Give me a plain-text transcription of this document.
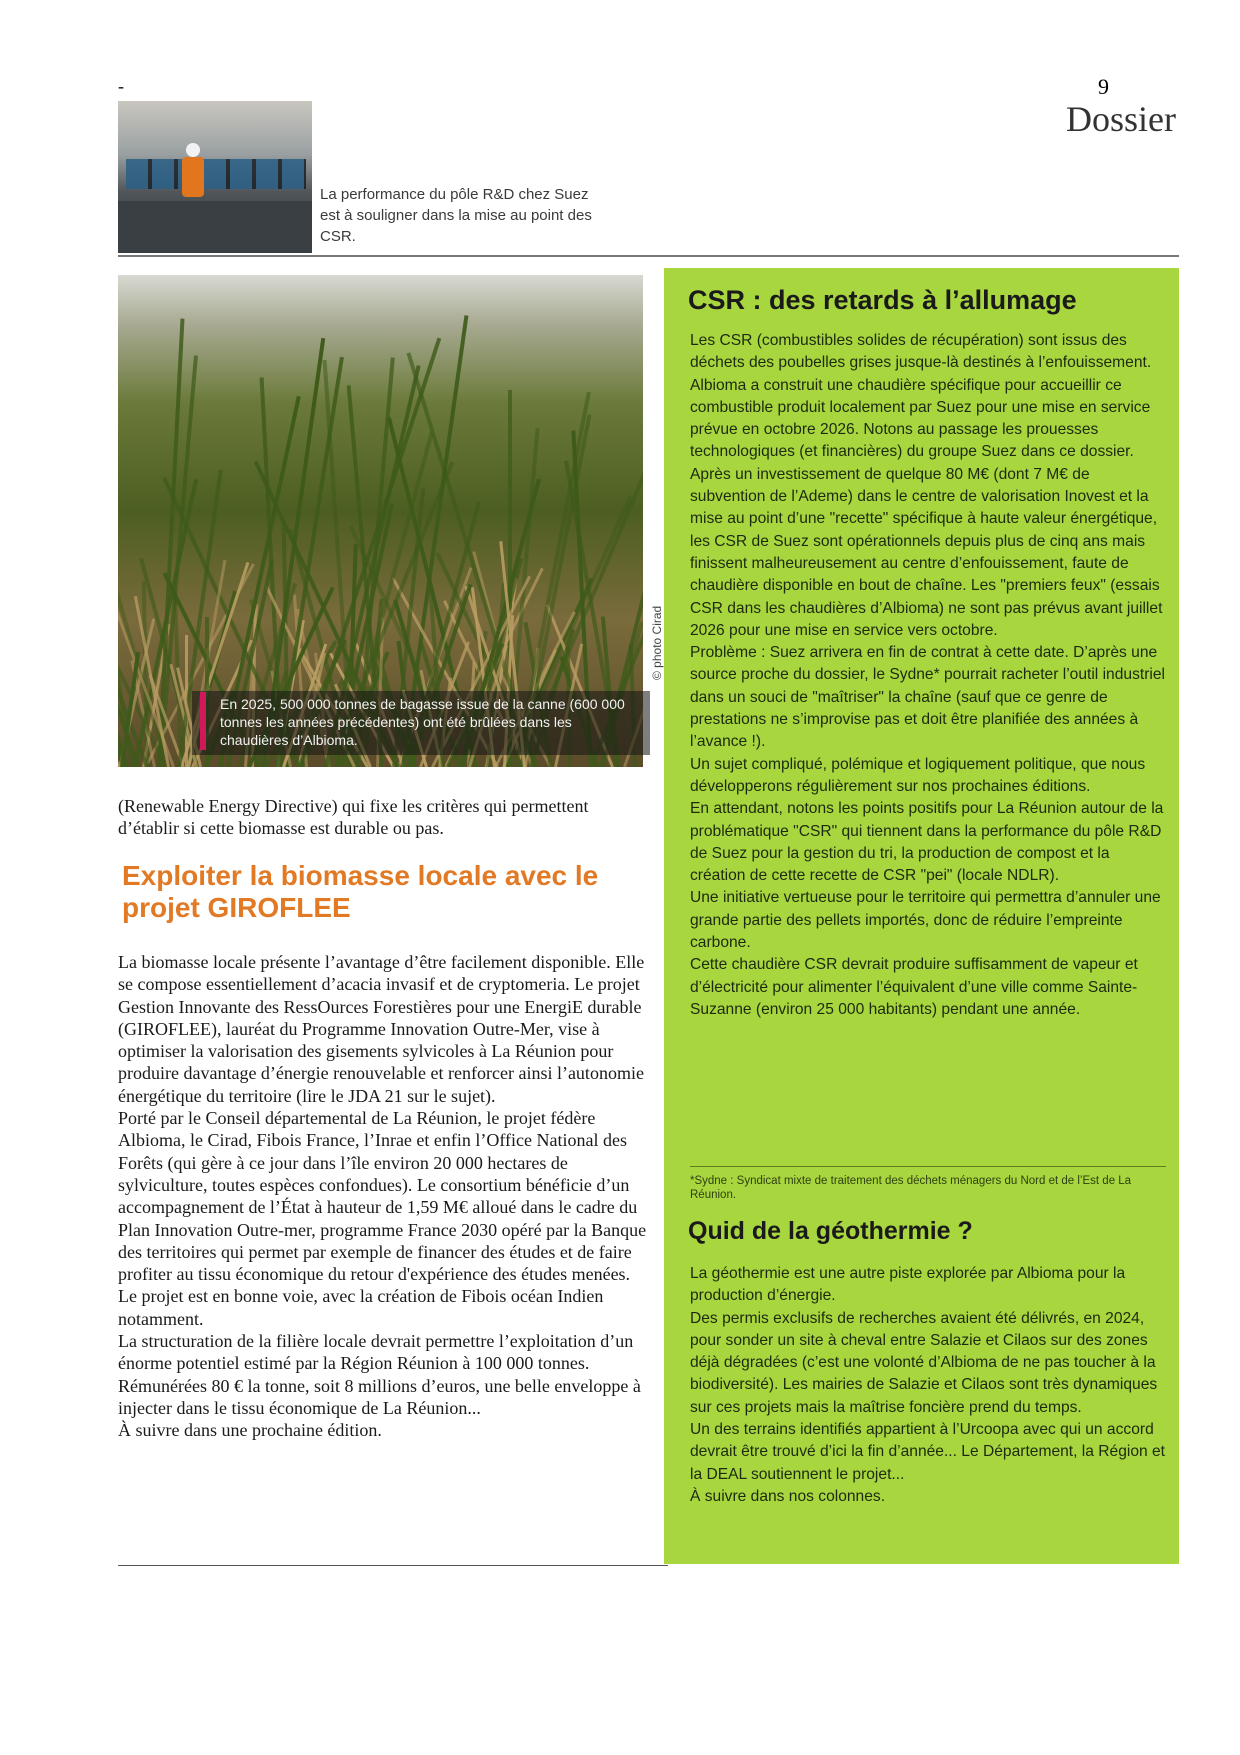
-	9
Dossier
La performance du pôle R&D chez Suez est à souligner dans la mise au point des CSR.
En 2025, 500 000 tonnes de bagasse issue de la canne (600 000 tonnes les années précédentes) ont été brûlées dans les chaudières d’Albioma.
© photo Cirad
(Renewable Energy Directive) qui fixe les critères qui permettent d’établir si cette biomasse est durable ou pas.
Exploiter la biomasse locale avec le projet GIROFLEE

La biomasse locale présente l’avantage d’être facilement disponible. Elle se compose essentiellement d’acacia invasif et de cryptomeria. Le projet Gestion Innovante des RessOurces Forestières pour une EnergiE durable (GIROFLEE), lauréat du Programme Innovation Outre-Mer, vise à optimiser la valorisation des gisements sylvicoles à La Réunion pour produire davantage d’énergie renouvelable et renforcer ainsi l’autonomie énergétique du territoire (lire le JDA 21 sur le sujet).

Porté par le Conseil départemental de La Réunion, le projet fédère Albioma, le Cirad, Fibois France, l’Inrae et enfin l’Office National des Forêts (qui gère à ce jour dans l’île environ 20 000 hectares de sylviculture, toutes espèces confondues). Le consortium bénéficie d’un accompagnement de l’État à hauteur de 1,59 M€ alloué dans le cadre du Plan Innovation Outre-mer, programme France 2030 opéré par la Banque des territoires qui permet par exemple de financer des études et de faire profiter au tissu économique du retour d'expérience des études menées. Le projet est en bonne voie, avec la création de Fibois océan Indien notamment.

La structuration de la filière locale devrait permettre l’exploitation d’un énorme potentiel estimé par la Région Réunion à 100 000 tonnes. Rémunérées 80 € la tonne, soit 8 millions d’euros, une belle enveloppe à injecter dans le tissu économique de La Réunion...

À suivre dans une prochaine édition.

CSR : des retards à l’allumage

Les CSR (combustibles solides de récupération) sont issus des déchets des poubelles grises jusque-là destinés à l’enfouissement.

Albioma a construit une chaudière spécifique pour accueillir ce combustible produit localement par Suez pour une mise en service prévue en octobre 2026. Notons au passage les prouesses technologiques (et financières) du groupe Suez dans ce dossier. Après un investissement de quelque 80 M€ (dont 7 M€ de subvention de l’Ademe) dans le centre de valorisation Inovest et la mise au point d’une "recette" spécifique à haute valeur énergétique, les CSR de Suez sont opérationnels depuis plus de cinq ans mais finissent malheureusement au centre d’enfouissement, faute de chaudière disponible en bout de chaîne. Les "premiers feux" (essais CSR dans les chaudières d’Albioma) ne sont pas prévus avant juillet 2026 pour une mise en service vers octobre.

Problème : Suez arrivera en fin de contrat à cette date. D’après une source proche du dossier, le Sydne* pourrait racheter l’outil industriel dans un souci de "maîtriser" la chaîne (sauf que ce genre de prestations ne s’improvise pas et doit être planifiée des années à l’avance !).

Un sujet compliqué, polémique et logiquement politique, que nous développerons régulièrement sur nos prochaines éditions.

En attendant, notons les points positifs pour La Réunion autour de la problématique "CSR" qui tiennent dans la performance du pôle R&D de Suez pour la gestion du tri, la production de compost et la création de cette recette de CSR "pei" (locale NDLR).

Une initiative vertueuse pour le territoire qui permettra d’annuler une grande partie des pellets importés, donc de réduire l’empreinte carbone.

Cette chaudière CSR devrait produire suffisamment de vapeur et d’électricité pour alimenter l’équivalent d’une ville comme Sainte-Suzanne (environ 25 000 habitants) pendant une année.

*Sydne : Syndicat mixte de traitement des déchets ménagers du Nord et de l’Est de La Réunion.
Quid de la géothermie ?

La géothermie est une autre piste explorée par Albioma pour la production d’énergie.

Des permis exclusifs de recherches avaient été délivrés, en 2024, pour sonder un site à cheval entre Salazie et Cilaos sur des zones déjà dégradées (c’est une volonté d’Albioma de ne pas toucher à la biodiversité). Les mairies de Salazie et Cilaos sont très dynamiques sur ces projets mais la maîtrise foncière prend du temps.

Un des terrains identifiés appartient à l’Urcoopa avec qui un accord devrait être trouvé d’ici la fin d’année... Le Département, la Région et la DEAL soutiennent le projet...

À suivre dans nos colonnes.
